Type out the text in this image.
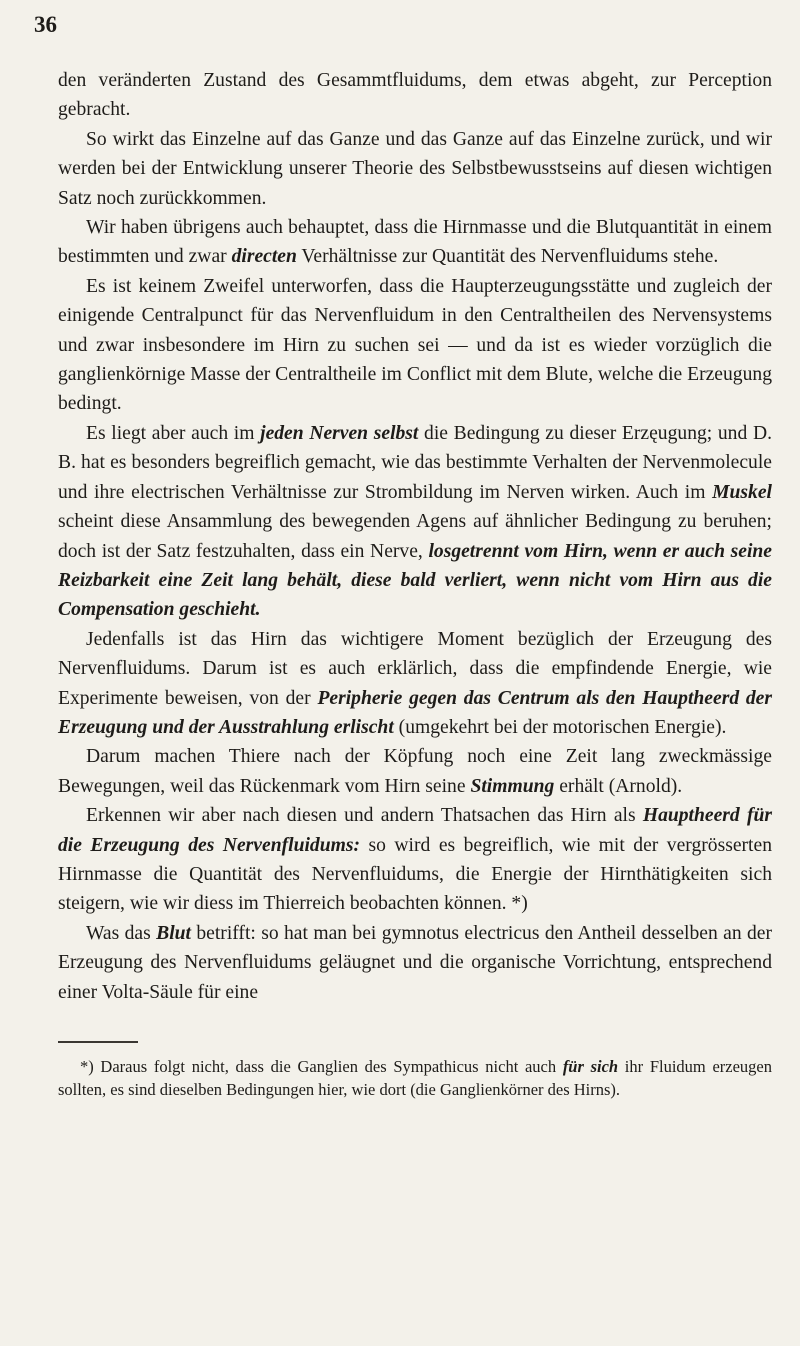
36

den veränderten Zustand des Gesammtfluidums, dem etwas abgeht, zur Perception gebracht.

So wirkt das Einzelne auf das Ganze und das Ganze auf das Einzelne zurück, und wir werden bei der Entwicklung unserer Theorie des Selbstbewusstseins auf diesen wichtigen Satz noch zurückkommen.

Wir haben übrigens auch behauptet, dass die Hirnmasse und die Blutquantität in einem bestimmten und zwar directen Verhältnisse zur Quantität des Nervenfluidums stehe.

Es ist keinem Zweifel unterworfen, dass die Haupterzeugungsstätte und zugleich der einigende Centralpunct für das Nervenfluidum in den Centraltheilen des Nervensystems und zwar insbesondere im Hirn zu suchen sei — und da ist es wieder vorzüglich die ganglienkörnige Masse der Centraltheile im Conflict mit dem Blute, welche die Erzeugung bedingt.

Es liegt aber auch im jeden Nerven selbst die Bedingung zu dieser Erzęugung; und D. B. hat es besonders begreiflich gemacht, wie das bestimmte Verhalten der Nervenmolecule und ihre electrischen Verhältnisse zur Strombildung im Nerven wirken. Auch im Muskel scheint diese Ansammlung des bewegenden Agens auf ähnlicher Bedingung zu beruhen; doch ist der Satz festzuhalten, dass ein Nerve, losgetrennt vom Hirn, wenn er auch seine Reizbarkeit eine Zeit lang behält, diese bald verliert, wenn nicht vom Hirn aus die Compensation geschieht.

Jedenfalls ist das Hirn das wichtigere Moment bezüglich der Erzeugung des Nervenfluidums. Darum ist es auch erklärlich, dass die empfindende Energie, wie Experimente beweisen, von der Peripherie gegen das Centrum als den Hauptheerd der Erzeugung und der Ausstrahlung erlischt (umgekehrt bei der motorischen Energie).

Darum machen Thiere nach der Köpfung noch eine Zeit lang zweckmässige Bewegungen, weil das Rückenmark vom Hirn seine Stimmung erhält (Arnold).

Erkennen wir aber nach diesen und andern Thatsachen das Hirn als Hauptheerd für die Erzeugung des Nervenfluidums: so wird es begreiflich, wie mit der vergrösserten Hirnmasse die Quantität des Nervenfluidums, die Energie der Hirnthätigkeiten sich steigern, wie wir diess im Thierreich beobachten können. *)

Was das Blut betrifft: so hat man bei gymnotus electricus den Antheil desselben an der Erzeugung des Nervenfluidums geläugnet und die organische Vorrichtung, entsprechend einer Volta-Säule für eine

*) Daraus folgt nicht, dass die Ganglien des Sympathicus nicht auch für sich ihr Fluidum erzeugen sollten, es sind dieselben Bedingungen hier, wie dort (die Ganglienkörner des Hirns).
